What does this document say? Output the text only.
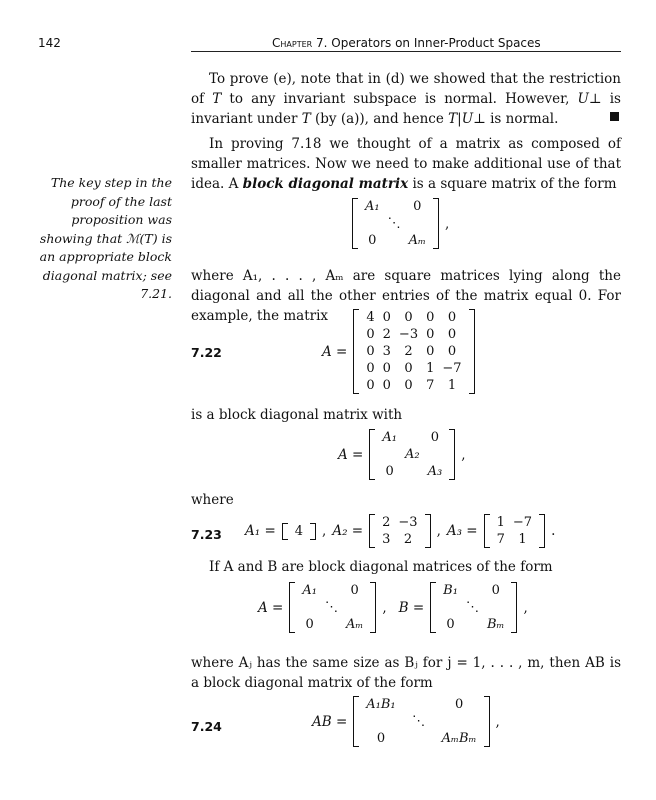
142	Chapter 7. Operators on Inner-Product Spaces
To prove (e), note that in (d) we showed that the restriction of T to any invariant subspace is normal. However, U⊥ is invariant under T (by (a)), and hence T|U⊥ is normal.
In proving 7.18 we thought of a matrix as composed of smaller matrices. Now we need to make additional use of that idea. A block diagonal matrix is a square matrix of the form
The key step in the proof of the last proposition was showing that ℳ(T) is an appropriate block diagonal matrix; see 7.21.
A₁		0
	⋱	
0		Aₘ
,
where A₁, . . . , Aₘ are square matrices lying along the diagonal and all the other entries of the matrix equal 0. For example, the matrix
7.22	A =
4	0	0	0	0
0	2	−3	0	0
0	3	2	0	0
0	0	0	1	−7
0	0	0	7	1
is a block diagonal matrix with
A =
A₁		0
	A₂	
0		A₃
,
where
7.23 A₁ = 4 , A₂ =
2	−3
3	2
, A₃ =
1	−7
7	1
.
If A and B are block diagonal matrices of the form
A =
A₁		0
	⋱	
0		Aₘ
, B =
B₁		0
	⋱	
0		Bₘ
,
where Aⱼ has the same size as Bⱼ for j = 1, . . . , m, then AB is a block diagonal matrix of the form
7.24	AB =
A₁B₁		0
	⋱	
0		AₘBₘ
,
